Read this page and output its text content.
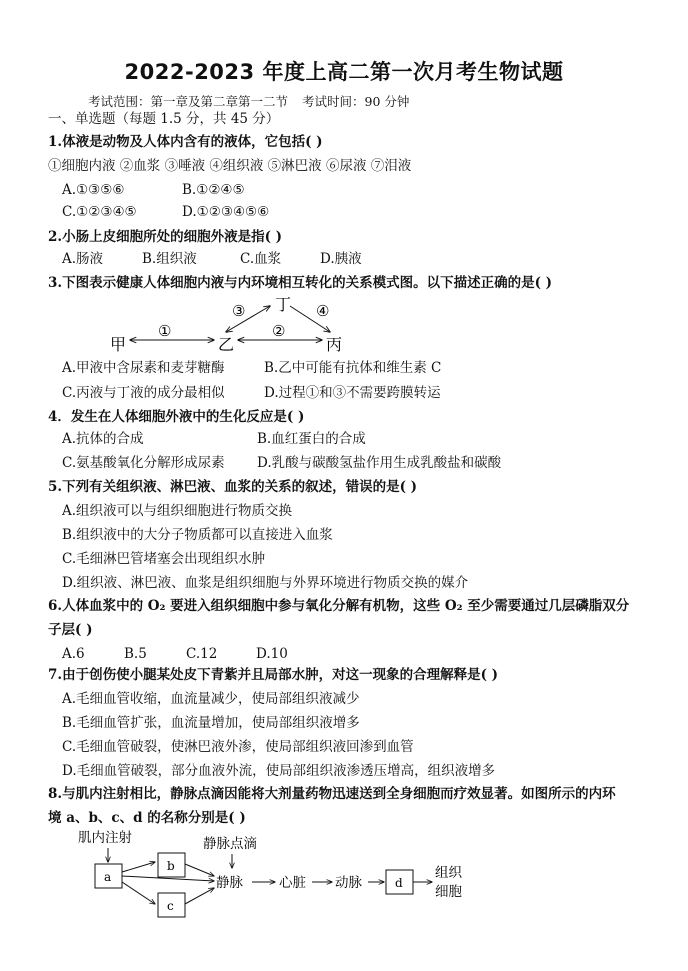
2022-2023 年度上高二第一次月考生物试题
考试范围：第一章及第二章第一二节 考试时间：90 分钟
一、单选题（每题 1.5 分，共 45 分）
1.体液是动物及人体内含有的液体，它包括( )
①细胞内液 ②血浆 ③唾液 ④组织液 ⑤淋巴液 ⑥尿液 ⑦泪液
A.①③⑤⑥	B.①②④⑤
C.①②③④⑤	D.①②③④⑤⑥
2.小肠上皮细胞所处的细胞外液是指( )
A.肠液	B.组织液	C.血浆	D.胰液
3.下图表示健康人体细胞内液与内环境相互转化的关系模式图。以下描述正确的是( )
甲	乙	丙
丁
①	②
③	④
A.甲液中含尿素和麦芽糖酶	B.乙中可能有抗体和维生素 C
C.丙液与丁液的成分最相似	D.过程①和③不需要跨膜转运
4．发生在人体细胞外液中的生化反应是( )
A.抗体的合成	B.血红蛋白的合成
C.氨基酸氧化分解形成尿素 D.乳酸与碳酸氢盐作用生成乳酸盐和碳酸
5.下列有关组织液、淋巴液、血浆的关系的叙述，错误的是( )
A.组织液可以与组织细胞进行物质交换
B.组织液中的大分子物质都可以直接进入血浆
C.毛细淋巴管堵塞会出现组织水肿
D.组织液、淋巴液、血浆是组织细胞与外界环境进行物质交换的媒介
6.人体血浆中的 O₂ 要进入组织细胞中参与氧化分解有机物，这些 O₂ 至少需要通过几层磷脂双分
子层( )
A.6	B.5	C.12	D.10
7.由于创伤使小腿某处皮下青紫并且局部水肿，对这一现象的合理解释是( )
A.毛细血管收缩，血流量减少，使局部组织液减少
B.毛细血管扩张，血流量增加，使局部组织液增多
C.毛细血管破裂，使淋巴液外渗，使局部组织液回渗到血管
D.毛细血管破裂，部分血液外流，使局部组织液渗透压增高，组织液增多
8.与肌内注射相比，静脉点滴因能将大剂量药物迅速送到全身细胞而疗效显著。如图所示的内环
境 a、b、c、d 的名称分别是( )
肌内注射
a
b
c
静脉点滴
静脉	心脏 动脉	d
组织
细胞
